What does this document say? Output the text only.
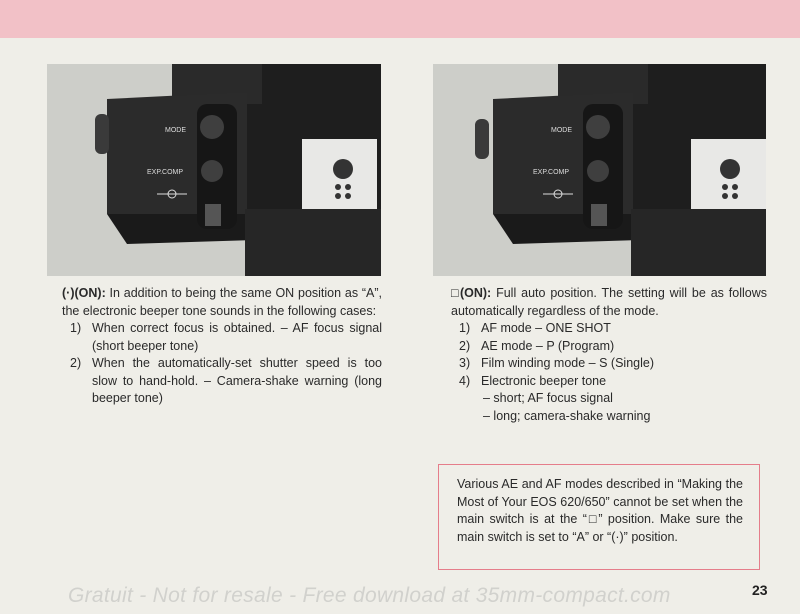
MODE
EXP.COMP
MODE
EXP.COMP

(·)(ON): In addition to being the same ON position as “A”, the electronic beeper tone sounds in the following cases:

1) When correct focus is obtained. – AF focus signal (short beeper tone)
2) When the automatically-set shutter speed is too slow to hand-hold. – Camera-shake warning (long beeper tone)

□(ON): Full auto position. The setting will be as follows automatically regardless of the mode.

1) AF mode – ONE SHOT
2) AE mode – P (Program)
3) Film winding mode – S (Single)
4) Electronic beeper tone
– short; AF focus signal
– long; camera-shake warning
Various AE and AF modes described in “Making the Most of Your EOS 620/650” cannot be set when the main switch is at the “□” position. Make sure the main switch is set to “A” or “(·)” position.
Gratuit - Not for resale - Free download at 35mm-compact.com	23
